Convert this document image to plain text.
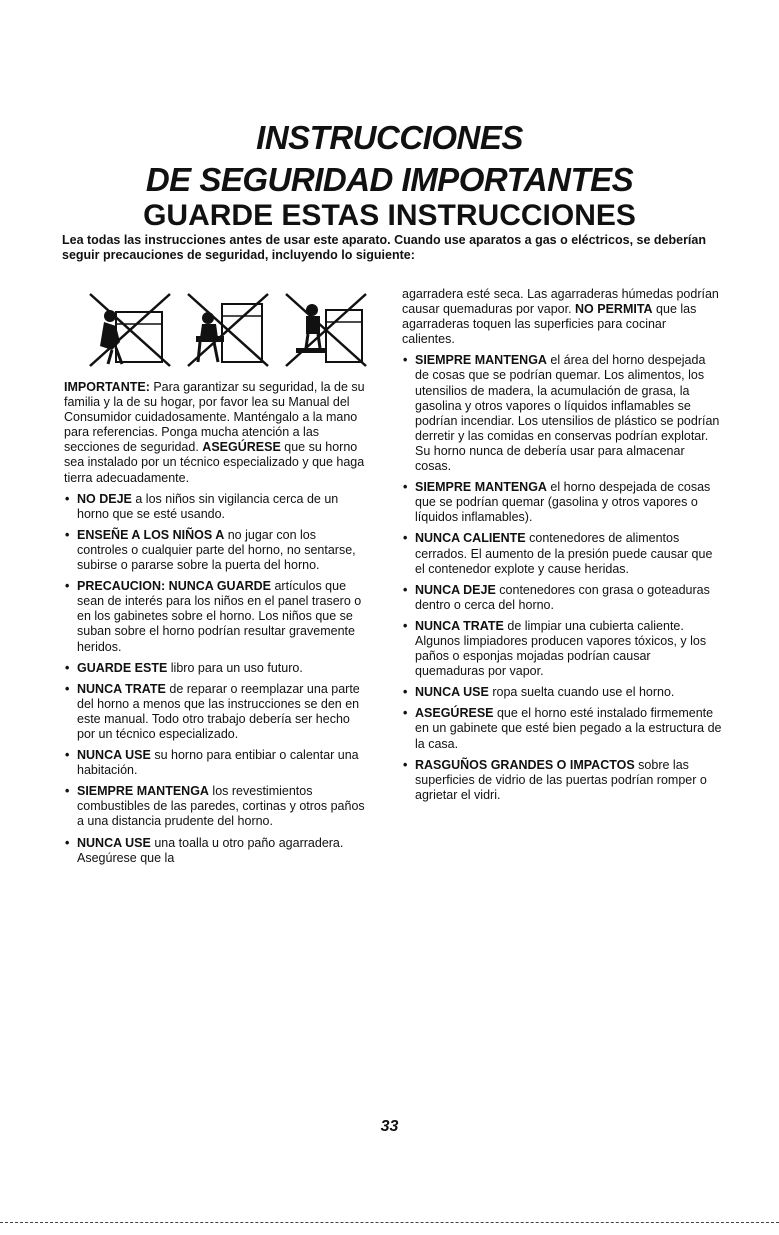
INSTRUCCIONES
DE SEGURIDAD IMPORTANTES
GUARDE ESTAS INSTRUCCIONES

Lea todas las instrucciones antes de usar este aparato. Cuando use aparatos a gas o eléctricos, se deberían seguir precauciones de seguridad, incluyendo lo siguiente:

IMPORTANTE: Para garantizar su seguridad, la de su familia y la de su hogar, por favor lea su Manual del Consumidor cuidadosamente. Manténgalo a la mano para referencias. Ponga mucha atención a las secciones de seguridad. ASEGÚRESE que su horno sea instalado por un técnico especializado y que haga tierra adecuadamente.

• NO DEJE a los niños sin vigilancia cerca de un horno que se esté usando.
• ENSEÑE A LOS NIÑOS A no jugar con los controles o cualquier parte del horno, no sentarse, subirse o pararse sobre la puerta del horno.
• PRECAUCION: NUNCA GUARDE artículos que sean de interés para los niños en el panel trasero o en los gabinetes sobre el horno. Los niños que se suban sobre el horno podrían resultar gravemente heridos.
• GUARDE ESTE libro para un uso futuro.
• NUNCA TRATE de reparar o reemplazar una parte del horno a menos que las instrucciones se den en este manual. Todo otro trabajo debería ser hecho por un técnico especializado.
• NUNCA USE su horno para entibiar o calentar una habitación.
• SIEMPRE MANTENGA los revestimientos combustibles de las paredes, cortinas y otros paños a una distancia prudente del horno.
• NUNCA USE una toalla u otro paño agarradera. Asegúrese que la

agarradera esté seca. Las agarraderas húmedas podrían causar quemaduras por vapor. NO PERMITA que las agarraderas toquen las superficies para cocinar calientes.

• SIEMPRE MANTENGA el área del horno despejada de cosas que se podrían quemar. Los alimentos, los utensilios de madera, la acumulación de grasa, la gasolina y otros vapores o líquidos inflamables se podrían incendiar. Los utensilios de plástico se podrían derretir y las comidas en conservas podrían explotar. Su horno nunca de debería usar para almacenar cosas.
• SIEMPRE MANTENGA el horno despejada de cosas que se podrían quemar (gasolina y otros vapores o líquidos inflamables).
• NUNCA CALIENTE contenedores de alimentos cerrados. El aumento de la presión puede causar que el contenedor explote y cause heridas.
• NUNCA DEJE contenedores con grasa o goteaduras dentro o cerca del horno.
• NUNCA TRATE de limpiar una cubierta caliente. Algunos limpiadores producen vapores tóxicos, y los paños o esponjas mojadas podrían causar quemaduras por vapor.
• NUNCA USE ropa suelta cuando use el horno.
• ASEGÚRESE que el horno esté instalado firmemente en un gabinete que esté bien pegado a la estructura de la casa.
• RASGUÑOS GRANDES O IMPACTOS sobre las superficies de vidrio de las puertas podrían romper o agrietar el vidri.
33
